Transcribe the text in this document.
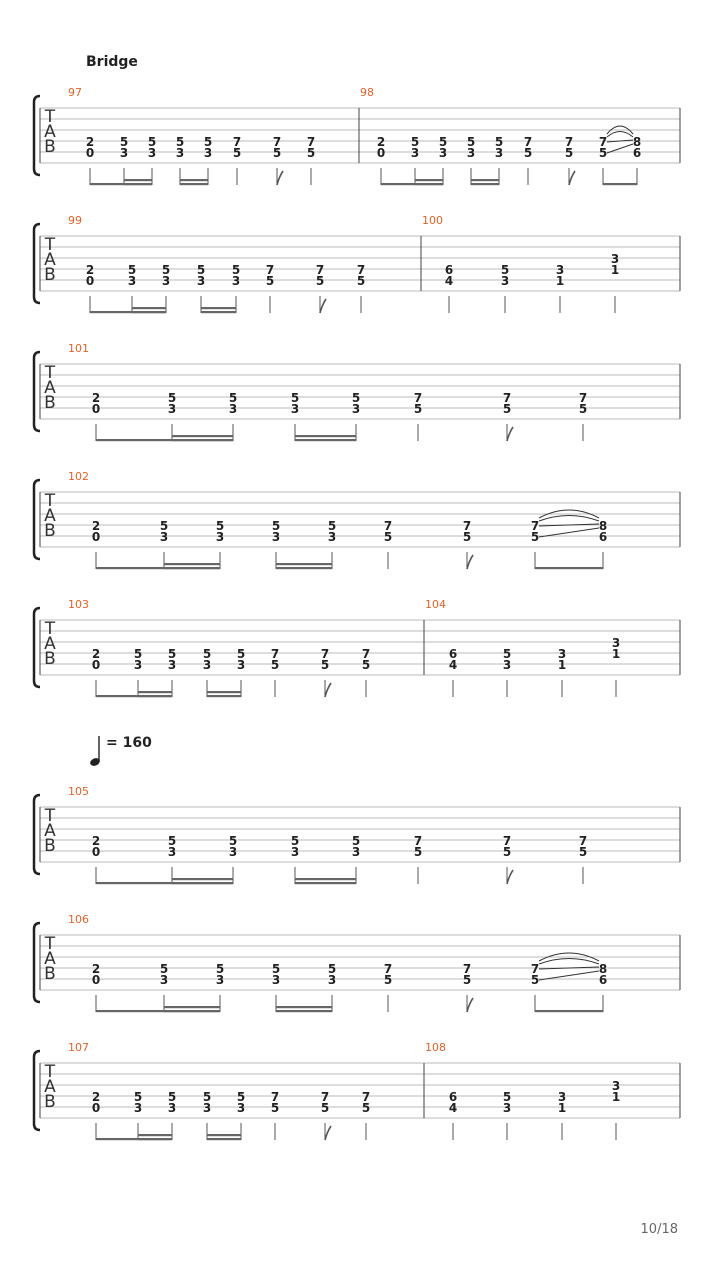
Bridge
T
A
B
97
2
0
5
3
5
3
5
3
5
3
7
5
7
5
7
5
98
2
0
5
3
5
3
5
3
5
3
7
5
7
5
7
5
8
6
T
A
B
99
2
0
5
3
5
3
5
3
5
3
7
5
7
5
7
5
100
6
4
5
3
3
1
3
1
T
A
B
101
2
0
5
3
5
3
5
3
5
3
7
5
7
5
7
5
T
A
B
102
2
0
5
3
5
3
5
3
5
3
7
5
7
5
7
5
8
6
T
A
B
103
2
0
5
3
5
3
5
3
5
3
7
5
7
5
7
5
104
6
4
5
3
3
1
3
1
T
A
B
105
2
0
5
3
5
3
5
3
5
3
7
5
7
5
7
5
T
A
B
106
2
0
5
3
5
3
5
3
5
3
7
5
7
5
7
5
8
6
T
A
B
107
2
0
5
3
5
3
5
3
5
3
7
5
7
5
7
5
108
6
4
5
3
3
1
3
1
= 160
10/18
